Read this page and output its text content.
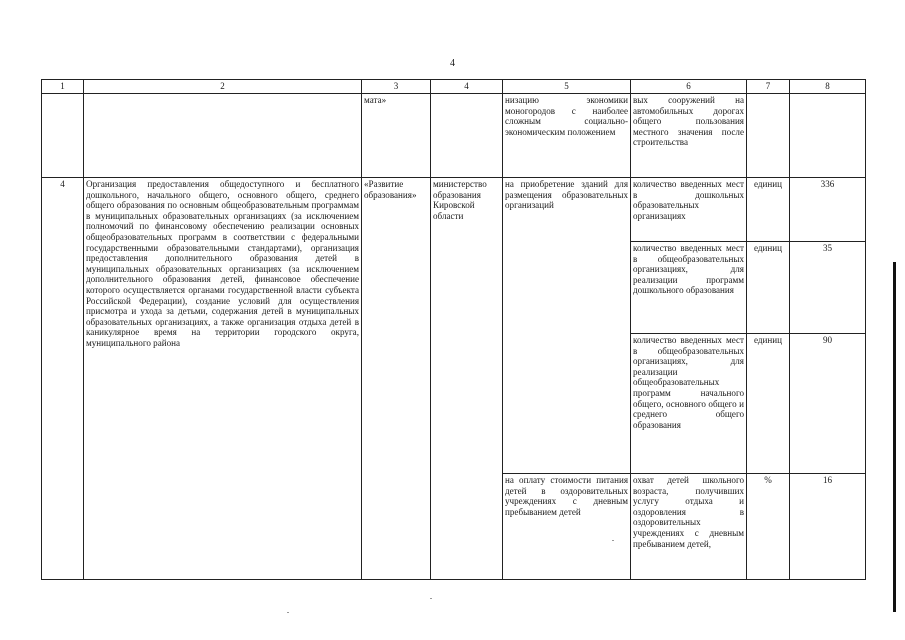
4
1	2	3	4	5	6	7	8
		мата»		низацию экономики моногородов с наиболее сложным социально-экономическим положением	вых сооружений на автомобильных дорогах общего пользования местного значения после строительства		
4	Организация предоставления общедоступного и бесплатного дошкольного, начального общего, основного общего, среднего общего образования по основным общеобразовательным программам в муниципальных образовательных организациях (за исключением полномочий по финансовому обеспечению реализации основных общеобразовательных программ в соответствии с федеральными государственными образовательными стандартами), организация предоставления дополнительного образования детей в муниципальных образовательных организациях (за исключением дополнительного образования детей, финансовое обеспечение которого осуществляется органами государственной власти субъекта Российской Федерации), создание условий для осуществления присмотра и ухода за детьми, содержания детей в муниципальных образовательных организациях, а также организация отдыха детей в каникулярное время на территории городского округа, муниципального района	«Развитие образования»	министерство образования Кировской области	на приобретение зданий для размещения образовательных организаций	количество введенных мест в дошкольных образовательных организациях	единиц	336
					количество введенных мест в общеобразовательных организациях, для реализации программ дошкольного образования	единиц	35
					количество введенных мест в общеобразовательных организациях, для реализации общеобразовательных программ начального общего, основного общего и среднего общего образования	единиц	90
				на оплату стоимости питания детей в оздоровительных учреждениях с дневным пребыванием детей	охват детей школьного возраста, получивших услугу отдыха и оздоровления в оздоровительных учреждениях с дневным пребыванием детей,	%	16
